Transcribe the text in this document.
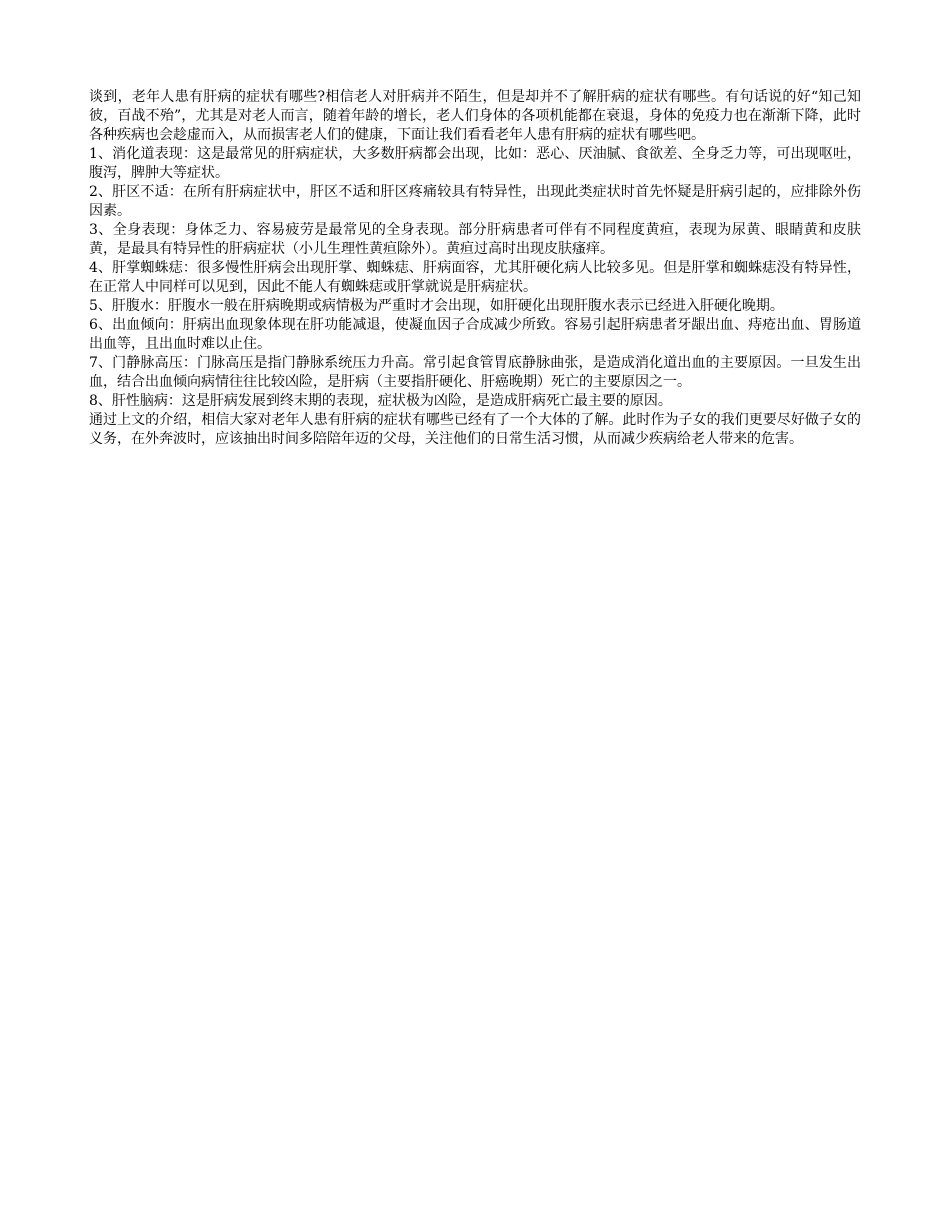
谈到，老年人患有肝病的症状有哪些?相信老人对肝病并不陌生，但是却并不了解肝病的症状有哪些。有句话说的好“知己知彼，百战不殆”，尤其是对老人而言，随着年龄的增长，老人们身体的各项机能都在衰退，身体的免疫力也在渐渐下降，此时各种疾病也会趁虚而入，从而损害老人们的健康，下面让我们看看老年人患有肝病的症状有哪些吧。

1、消化道表现：这是最常见的肝病症状，大多数肝病都会出现，比如：恶心、厌油腻、食欲差、全身乏力等，可出现呕吐，腹泻，脾肿大等症状。

2、肝区不适：在所有肝病症状中，肝区不适和肝区疼痛较具有特异性，出现此类症状时首先怀疑是肝病引起的，应排除外伤因素。

3、全身表现：身体乏力、容易疲劳是最常见的全身表现。部分肝病患者可伴有不同程度黄疸，表现为尿黄、眼睛黄和皮肤黄，是最具有特异性的肝病症状（小儿生理性黄疸除外）。黄疸过高时出现皮肤瘙痒。

4、肝掌蜘蛛痣：很多慢性肝病会出现肝掌、蜘蛛痣、肝病面容，尤其肝硬化病人比较多见。但是肝掌和蜘蛛痣没有特异性，在正常人中同样可以见到，因此不能人有蜘蛛痣或肝掌就说是肝病症状。

5、肝腹水：肝腹水一般在肝病晚期或病情极为严重时才会出现，如肝硬化出现肝腹水表示已经进入肝硬化晚期。

6、出血倾向：肝病出血现象体现在肝功能减退，使凝血因子合成减少所致。容易引起肝病患者牙龈出血、痔疮出血、胃肠道出血等，且出血时难以止住。

7、门静脉高压：门脉高压是指门静脉系统压力升高。常引起食管胃底静脉曲张，是造成消化道出血的主要原因。一旦发生出血，结合出血倾向病情往往比较凶险，是肝病（主要指肝硬化、肝癌晚期）死亡的主要原因之一。

8、肝性脑病：这是肝病发展到终末期的表现，症状极为凶险，是造成肝病死亡最主要的原因。

通过上文的介绍，相信大家对老年人患有肝病的症状有哪些已经有了一个大体的了解。此时作为子女的我们更要尽好做子女的义务，在外奔波时，应该抽出时间多陪陪年迈的父母，关注他们的日常生活习惯，从而减少疾病给老人带来的危害。
